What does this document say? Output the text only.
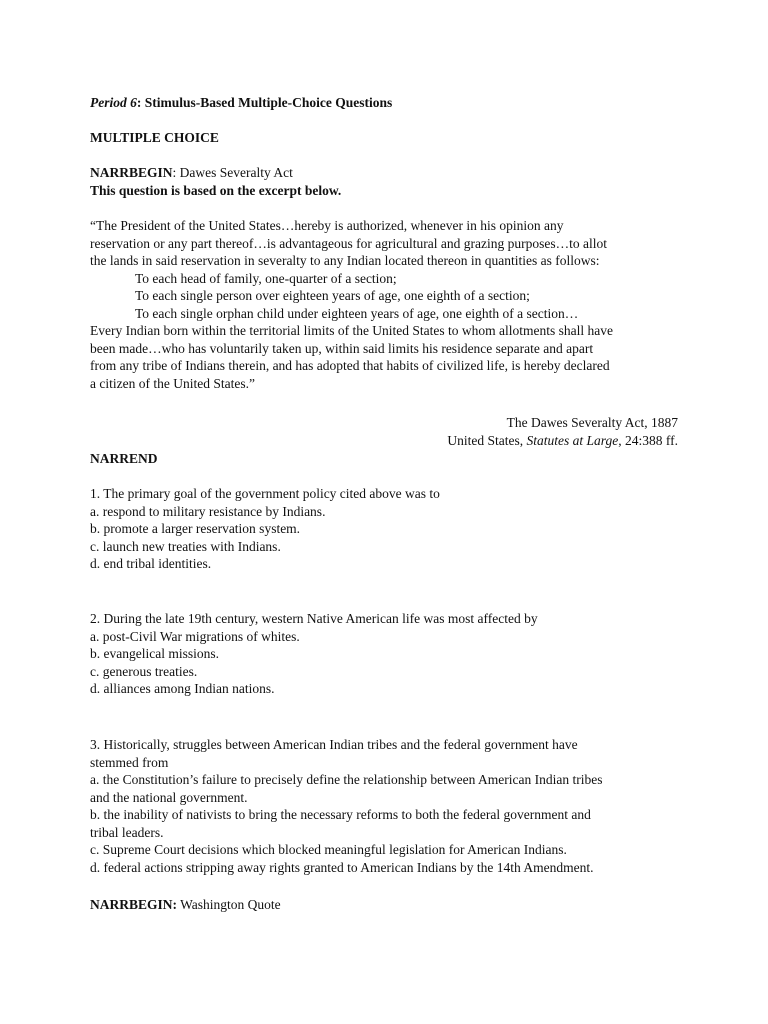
Period 6: Stimulus-Based Multiple-Choice Questions
MULTIPLE CHOICE
NARRBEGIN: Dawes Severalty Act
This question is based on the excerpt below.
“The President of the United States…hereby is authorized, whenever in his opinion any
reservation or any part thereof…is advantageous for agricultural and grazing purposes…to allot
the lands in said reservation in severalty to any Indian located thereon in quantities as follows:
To each head of family, one-quarter of a section;
To each single person over eighteen years of age, one eighth of a section;
To each single orphan child under eighteen years of age, one eighth of a section…
Every Indian born within the territorial limits of the United States to whom allotments shall have
been made…who has voluntarily taken up, within said limits his residence separate and apart
from any tribe of Indians therein, and has adopted that habits of civilized life, is hereby declared
a citizen of the United States.”
The Dawes Severalty Act, 1887
United States, Statutes at Large, 24:388 ff.
NARREND
1. The primary goal of the government policy cited above was to
a. respond to military resistance by Indians.
b. promote a larger reservation system.
c. launch new treaties with Indians.
d. end tribal identities.
2. During the late 19th century, western Native American life was most affected by
a. post-Civil War migrations of whites.
b. evangelical missions.
c. generous treaties.
d. alliances among Indian nations.
3. Historically, struggles between American Indian tribes and the federal government have
stemmed from
a. the Constitution’s failure to precisely define the relationship between American Indian tribes
and the national government.
b. the inability of nativists to bring the necessary reforms to both the federal government and
tribal leaders.
c. Supreme Court decisions which blocked meaningful legislation for American Indians.
d. federal actions stripping away rights granted to American Indians by the 14th Amendment.
NARRBEGIN: Washington Quote
